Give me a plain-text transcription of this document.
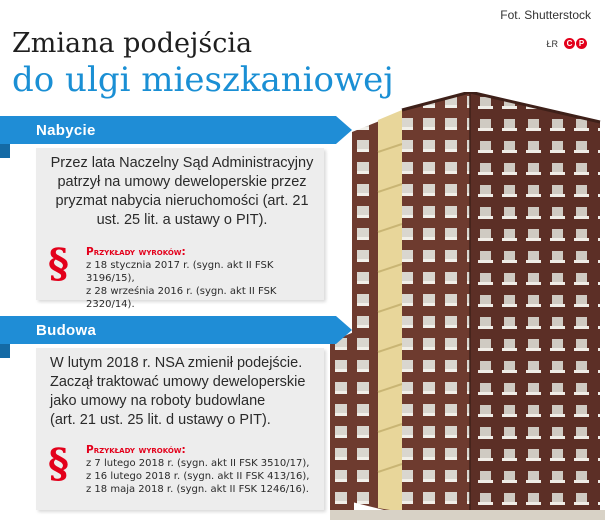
Fot. Shutterstock
ŁR	C P
Zmiana podejścia
do ulgi mieszkaniowej
Nabycie
Przez lata Naczelny Sąd Administracyjny
patrzył na umowy deweloperskie przez
pryzmat nabycia nieruchomości (art. 21
ust. 25 lit. a ustawy o PIT).
§ Przykłady wyroków:
z 18 stycznia 2017 r. (sygn. akt II FSK 3196/15),
z 28 września 2016 r. (sygn. akt II FSK 2320/14).
Budowa
W lutym 2018 r. NSA zmienił podejście.
Zaczął traktować umowy deweloperskie
jako umowy na roboty budowlane
(art. 21 ust. 25 lit. d ustawy o PIT).
§ Przykłady wyroków:
z 7 lutego 2018 r. (sygn. akt II FSK 3510/17),
z 16 lutego 2018 r. (sygn. akt II FSK 413/16),
z 18 maja 2018 r. (sygn. akt II FSK 1246/16).
